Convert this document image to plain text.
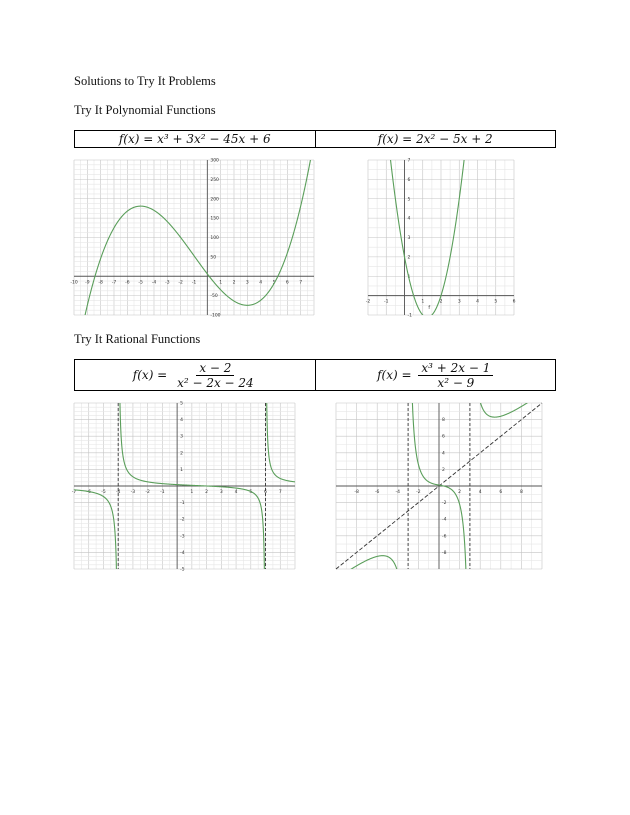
Solutions to Try It Problems
Try It Polynomial Functions
f(x) = x³ + 3x² − 45x + 6	f(x) = 2x² − 5x + 2
-10 -9 -8 -7 -6 -5 -4 -3 -2 -1	1 2 3 4 5 6 7
300
250
200
150
100
50
-50
-100
-2	-1	1	2	3	4	5	6
7
6
5
4
3
2
1
-1
f
Try It Rational Functions
$f(x) = \frac{x - 2}{\text{x² − 2x − 24}}$	$f(x) = \frac{\text{x³ + 2x − 1}}{\text{x² − 9}}$
-7 -6 -5 -4 -3 -2 -1	1	2	3	4	5	6	7
5
4
3
2
1
-1
-2
-3
-4
-5
-8	-6	-4	-2	2	4	6	8
8
6
4
2
-2
-4
-6
-8
